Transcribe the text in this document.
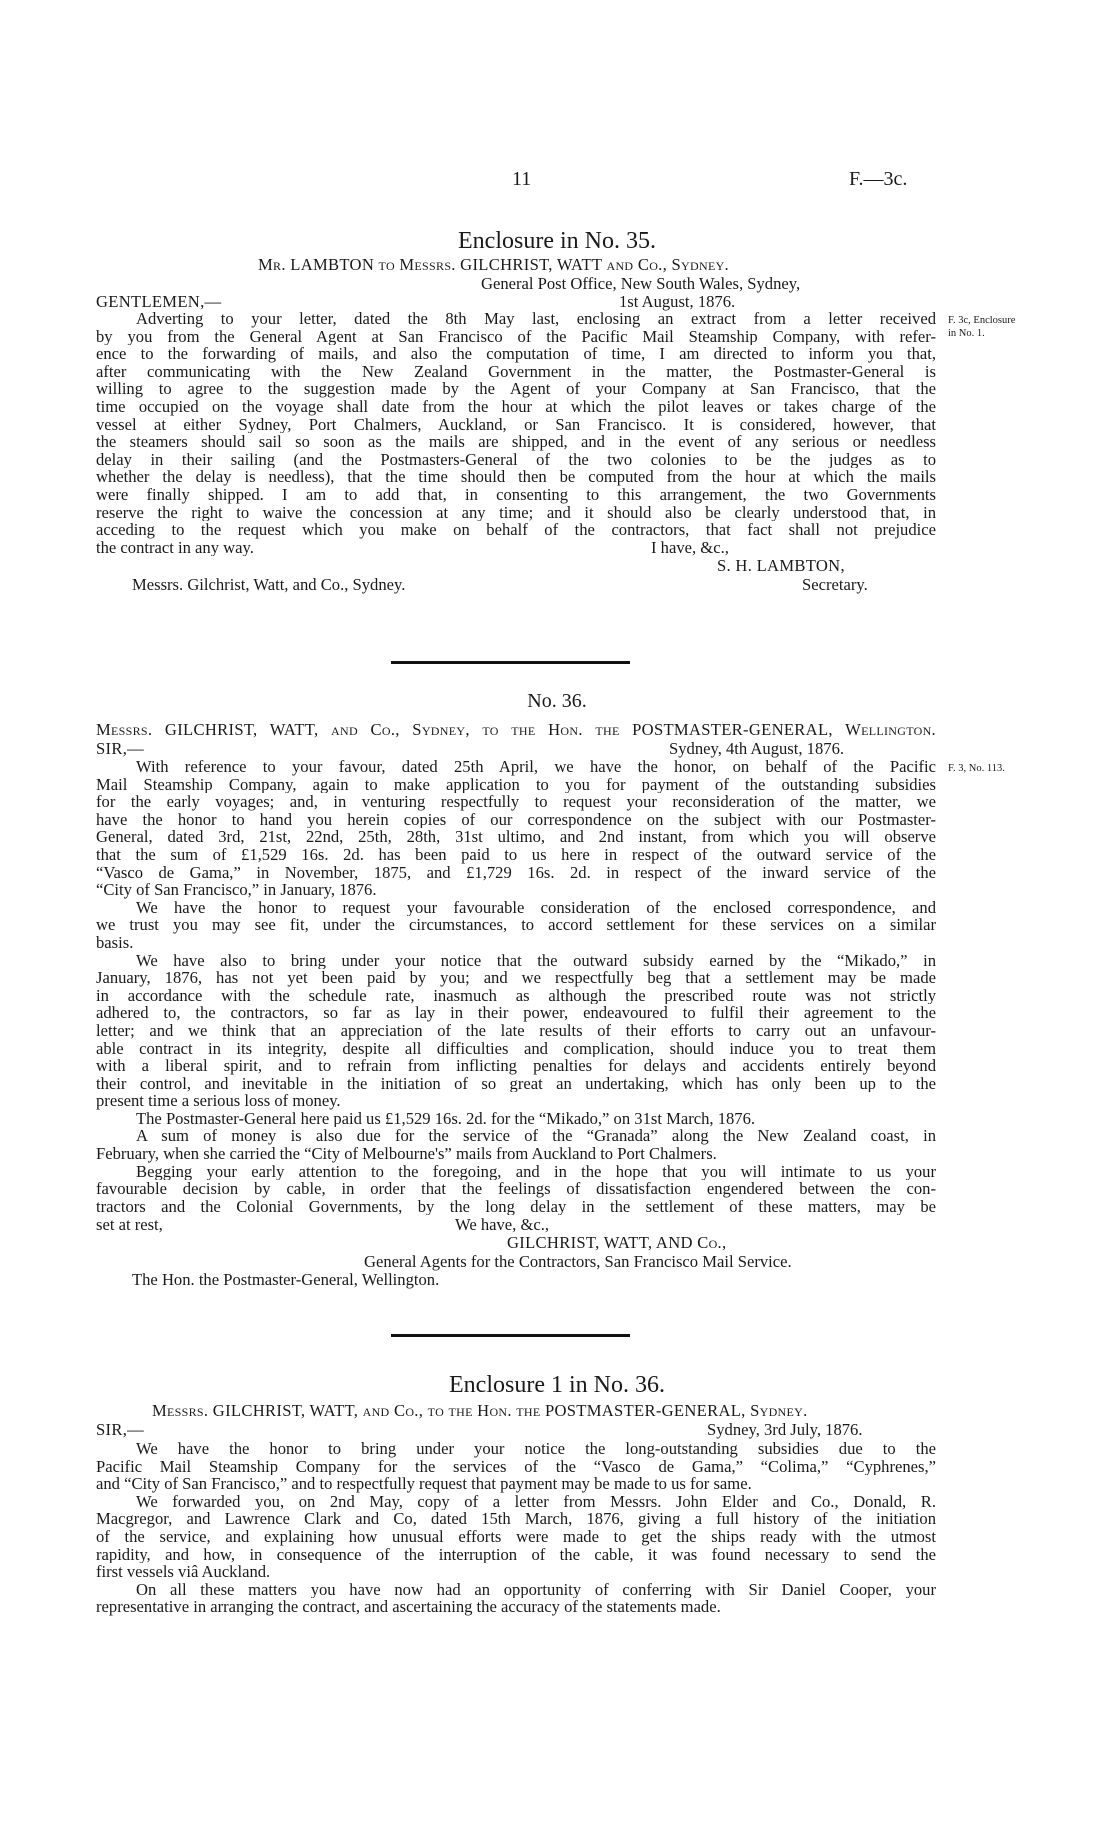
11	F.—3c.
Enclosure in No. 35.
Mr. LAMBTON to Messrs. GILCHRIST, WATT and Co., Sydney.
General Post Office, New South Wales, Sydney,
GENTLEMEN,—	1st August, 1876.
F. 3c, Enclosure
in No. 1.
Adverting to your letter, dated the 8th May last, enclosing an extract from a letter received
by you from the General Agent at San Francisco of the Pacific Mail Steamship Company, with refer-
ence to the forwarding of mails, and also the computation of time, I am directed to inform you that,
after communicating with the New Zealand Government in the matter, the Postmaster-General is
willing to agree to the suggestion made by the Agent of your Company at San Francisco, that the
time occupied on the voyage shall date from the hour at which the pilot leaves or takes charge of the
vessel at either Sydney, Port Chalmers, Auckland, or San Francisco. It is considered, however, that
the steamers should sail so soon as the mails are shipped, and in the event of any serious or needless
delay in their sailing (and the Postmasters-General of the two colonies to be the judges as to
whether the delay is needless), that the time should then be computed from the hour at which the mails
were finally shipped. I am to add that, in consenting to this arrangement, the two Governments
reserve the right to waive the concession at any time; and it should also be clearly understood that, in
acceding to the request which you make on behalf of the contractors, that fact shall not prejudice
the contract in any way.	I have, &c.,
S. H. LAMBTON,
Messrs. Gilchrist, Watt, and Co., Sydney.	Secretary.
No. 36.
Messrs. GILCHRIST, WATT, and Co., Sydney, to the Hon. the POSTMASTER-GENERAL, Wellington.
SIR,—	Sydney, 4th August, 1876.
F. 3, No. 113.
With reference to your favour, dated 25th April, we have the honor, on behalf of the Pacific
Mail Steamship Company, again to make application to you for payment of the outstanding subsidies
for the early voyages; and, in venturing respectfully to request your reconsideration of the matter, we
have the honor to hand you herein copies of our correspondence on the subject with our Postmaster-
General, dated 3rd, 21st, 22nd, 25th, 28th, 31st ultimo, and 2nd instant, from which you will observe
that the sum of £1,529 16s. 2d. has been paid to us here in respect of the outward service of the
“Vasco de Gama,” in November, 1875, and £1,729 16s. 2d. in respect of the inward service of the
“City of San Francisco,” in January, 1876.
We have the honor to request your favourable consideration of the enclosed correspondence, and
we trust you may see fit, under the circumstances, to accord settlement for these services on a similar
basis.
We have also to bring under your notice that the outward subsidy earned by the “Mikado,” in
January, 1876, has not yet been paid by you; and we respectfully beg that a settlement may be made
in accordance with the schedule rate, inasmuch as although the prescribed route was not strictly
adhered to, the contractors, so far as lay in their power, endeavoured to fulfil their agreement to the
letter; and we think that an appreciation of the late results of their efforts to carry out an unfavour-
able contract in its integrity, despite all difficulties and complication, should induce you to treat them
with a liberal spirit, and to refrain from inflicting penalties for delays and accidents entirely beyond
their control, and inevitable in the initiation of so great an undertaking, which has only been up to the
present time a serious loss of money.
The Postmaster-General here paid us £1,529 16s. 2d. for the “Mikado,” on 31st March, 1876.
A sum of money is also due for the service of the “Granada” along the New Zealand coast, in
February, when she carried the “City of Melbourne's” mails from Auckland to Port Chalmers.
Begging your early attention to the foregoing, and in the hope that you will intimate to us your
favourable decision by cable, in order that the feelings of dissatisfaction engendered between the con-
tractors and the Colonial Governments, by the long delay in the settlement of these matters, may be
set at rest,	We have, &c.,
GILCHRIST, WATT, AND Co.,
General Agents for the Contractors, San Francisco Mail Service.
The Hon. the Postmaster-General, Wellington.
Enclosure 1 in No. 36.
Messrs. GILCHRIST, WATT, and Co., to the Hon. the POSTMASTER-GENERAL, Sydney.
SIR,—	Sydney, 3rd July, 1876.
We have the honor to bring under your notice the long-outstanding subsidies due to the
Pacific Mail Steamship Company for the services of the “Vasco de Gama,” “Colima,” “Cyphrenes,”
and “City of San Francisco,” and to respectfully request that payment may be made to us for same.
We forwarded you, on 2nd May, copy of a letter from Messrs. John Elder and Co., Donald, R.
Macgregor, and Lawrence Clark and Co, dated 15th March, 1876, giving a full history of the initiation
of the service, and explaining how unusual efforts were made to get the ships ready with the utmost
rapidity, and how, in consequence of the interruption of the cable, it was found necessary to send the
first vessels viâ Auckland.
On all these matters you have now had an opportunity of conferring with Sir Daniel Cooper, your
representative in arranging the contract, and ascertaining the accuracy of the statements made.
